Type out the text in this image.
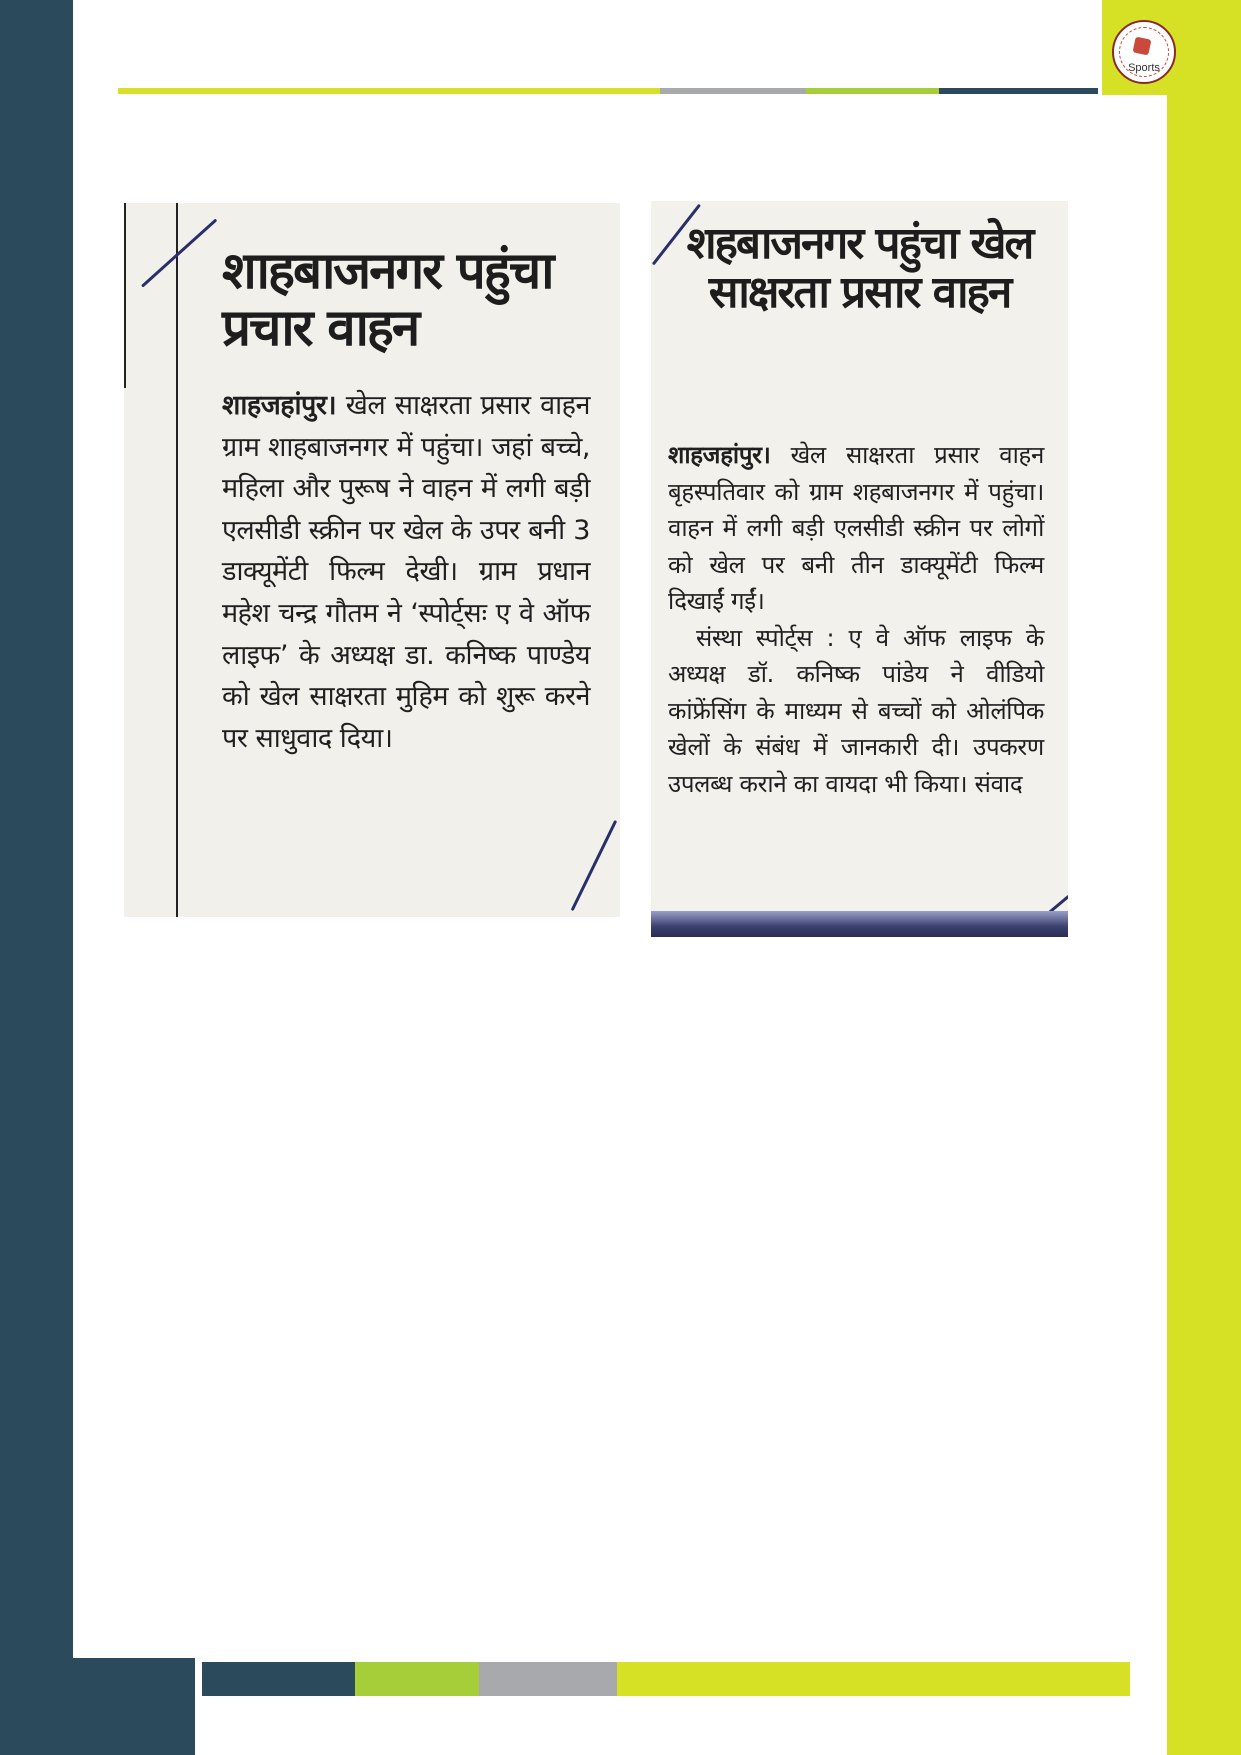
Sports
शाहबाजनगर पहुंचा प्रचार वाहन

शाहजहांपुर। खेल साक्षरता प्रसार वाहन ग्राम शाहबाजनगर में पहुंचा। जहां बच्चे, महिला और पुरूष ने वाहन में लगी बड़ी एलसीडी स्क्रीन पर खेल के उपर बनी 3 डाक्यूमेंटी फिल्म देखी। ग्राम प्रधान महेश चन्द्र गौतम ने ‘स्पोर्ट्सः ए वे ऑफ लाइफ’ के अध्यक्ष डा. कनिष्क पाण्डेय को खेल साक्षरता मुहिम को शुरू करने पर साधुवाद दिया।

शहबाजनगर पहुंचा खेल साक्षरता प्रसार वाहन

शाहजहांपुर। खेल साक्षरता प्रसार वाहन बृहस्पतिवार को ग्राम शहबाजनगर में पहुंचा। वाहन में लगी बड़ी एलसीडी स्क्रीन पर लोगों को खेल पर बनी तीन डाक्यूमेंटी फिल्म दिखाईं गईं।
संस्था स्पोर्ट्स : ए वे ऑफ लाइफ के अध्यक्ष डॉ. कनिष्क पांडेय ने वीडियो कांफ्रेंसिंग के माध्यम से बच्चों को ओलंपिक खेलों के संबंध में जानकारी दी। उपकरण उपलब्ध कराने का वायदा भी किया। संवाद
